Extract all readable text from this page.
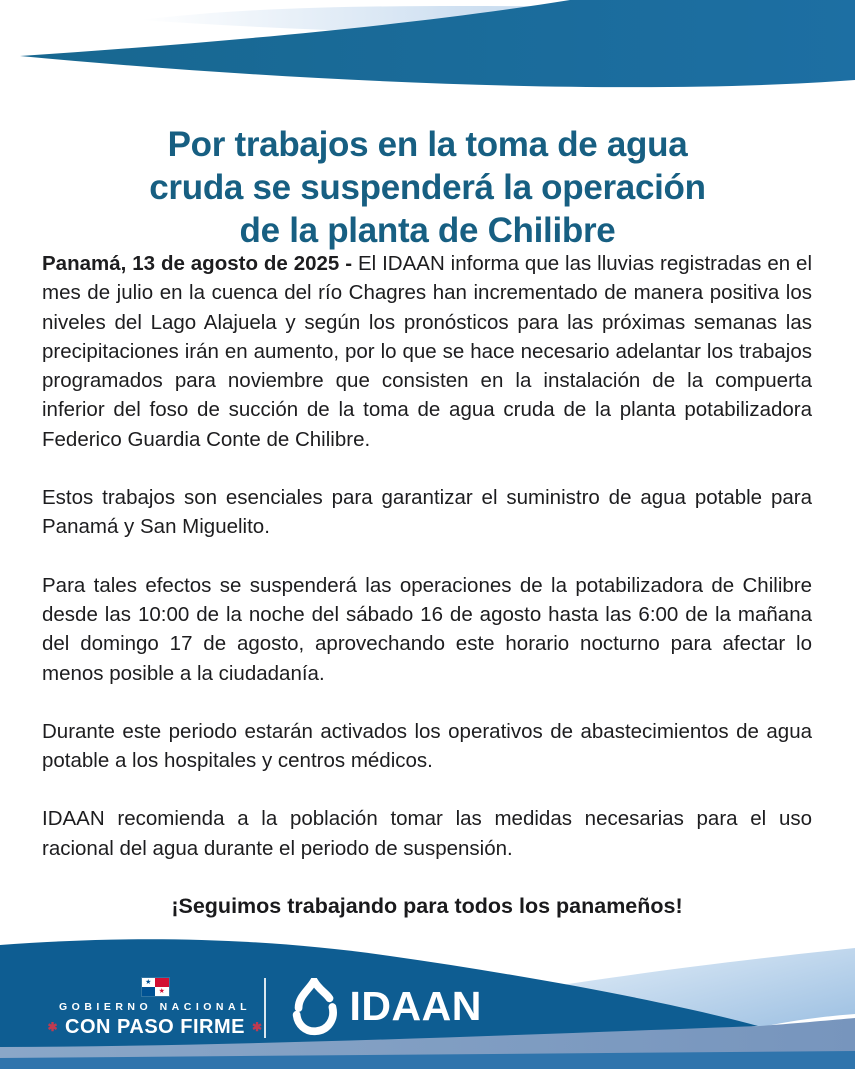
Por trabajos en la toma de agua
cruda se suspenderá la operación
de la planta de Chilibre

Panamá, 13 de agosto de 2025 - El IDAAN informa que las lluvias registradas en el mes de julio en la cuenca del río Chagres han incrementado de manera positiva los niveles del Lago Alajuela y según los pronósticos para las próximas semanas las precipitaciones irán en aumento, por lo que se hace necesario adelantar los trabajos programados para noviembre que consisten en la instalación de la compuerta inferior del foso de succión de la toma de agua cruda de la planta potabilizadora Federico Guardia Conte de Chilibre.

Estos trabajos son esenciales para garantizar el suministro de agua potable para Panamá y San Miguelito.

Para tales efectos se suspenderá las operaciones de la potabilizadora de Chilibre desde las 10:00 de la noche del sábado 16 de agosto hasta las 6:00 de la mañana del domingo 17 de agosto, aprovechando este horario nocturno para afectar lo menos posible a la ciudadanía.

Durante este periodo estarán activados los operativos de abastecimientos de agua potable a los hospitales y centros médicos.

IDAAN recomienda a la población tomar las medidas necesarias para el uso racional del agua durante el periodo de suspensión.

¡Seguimos trabajando para todos los panameños!
★
★
GOBIERNO NACIONAL
✱ CON PASO FIRME ✱ IDAAN
